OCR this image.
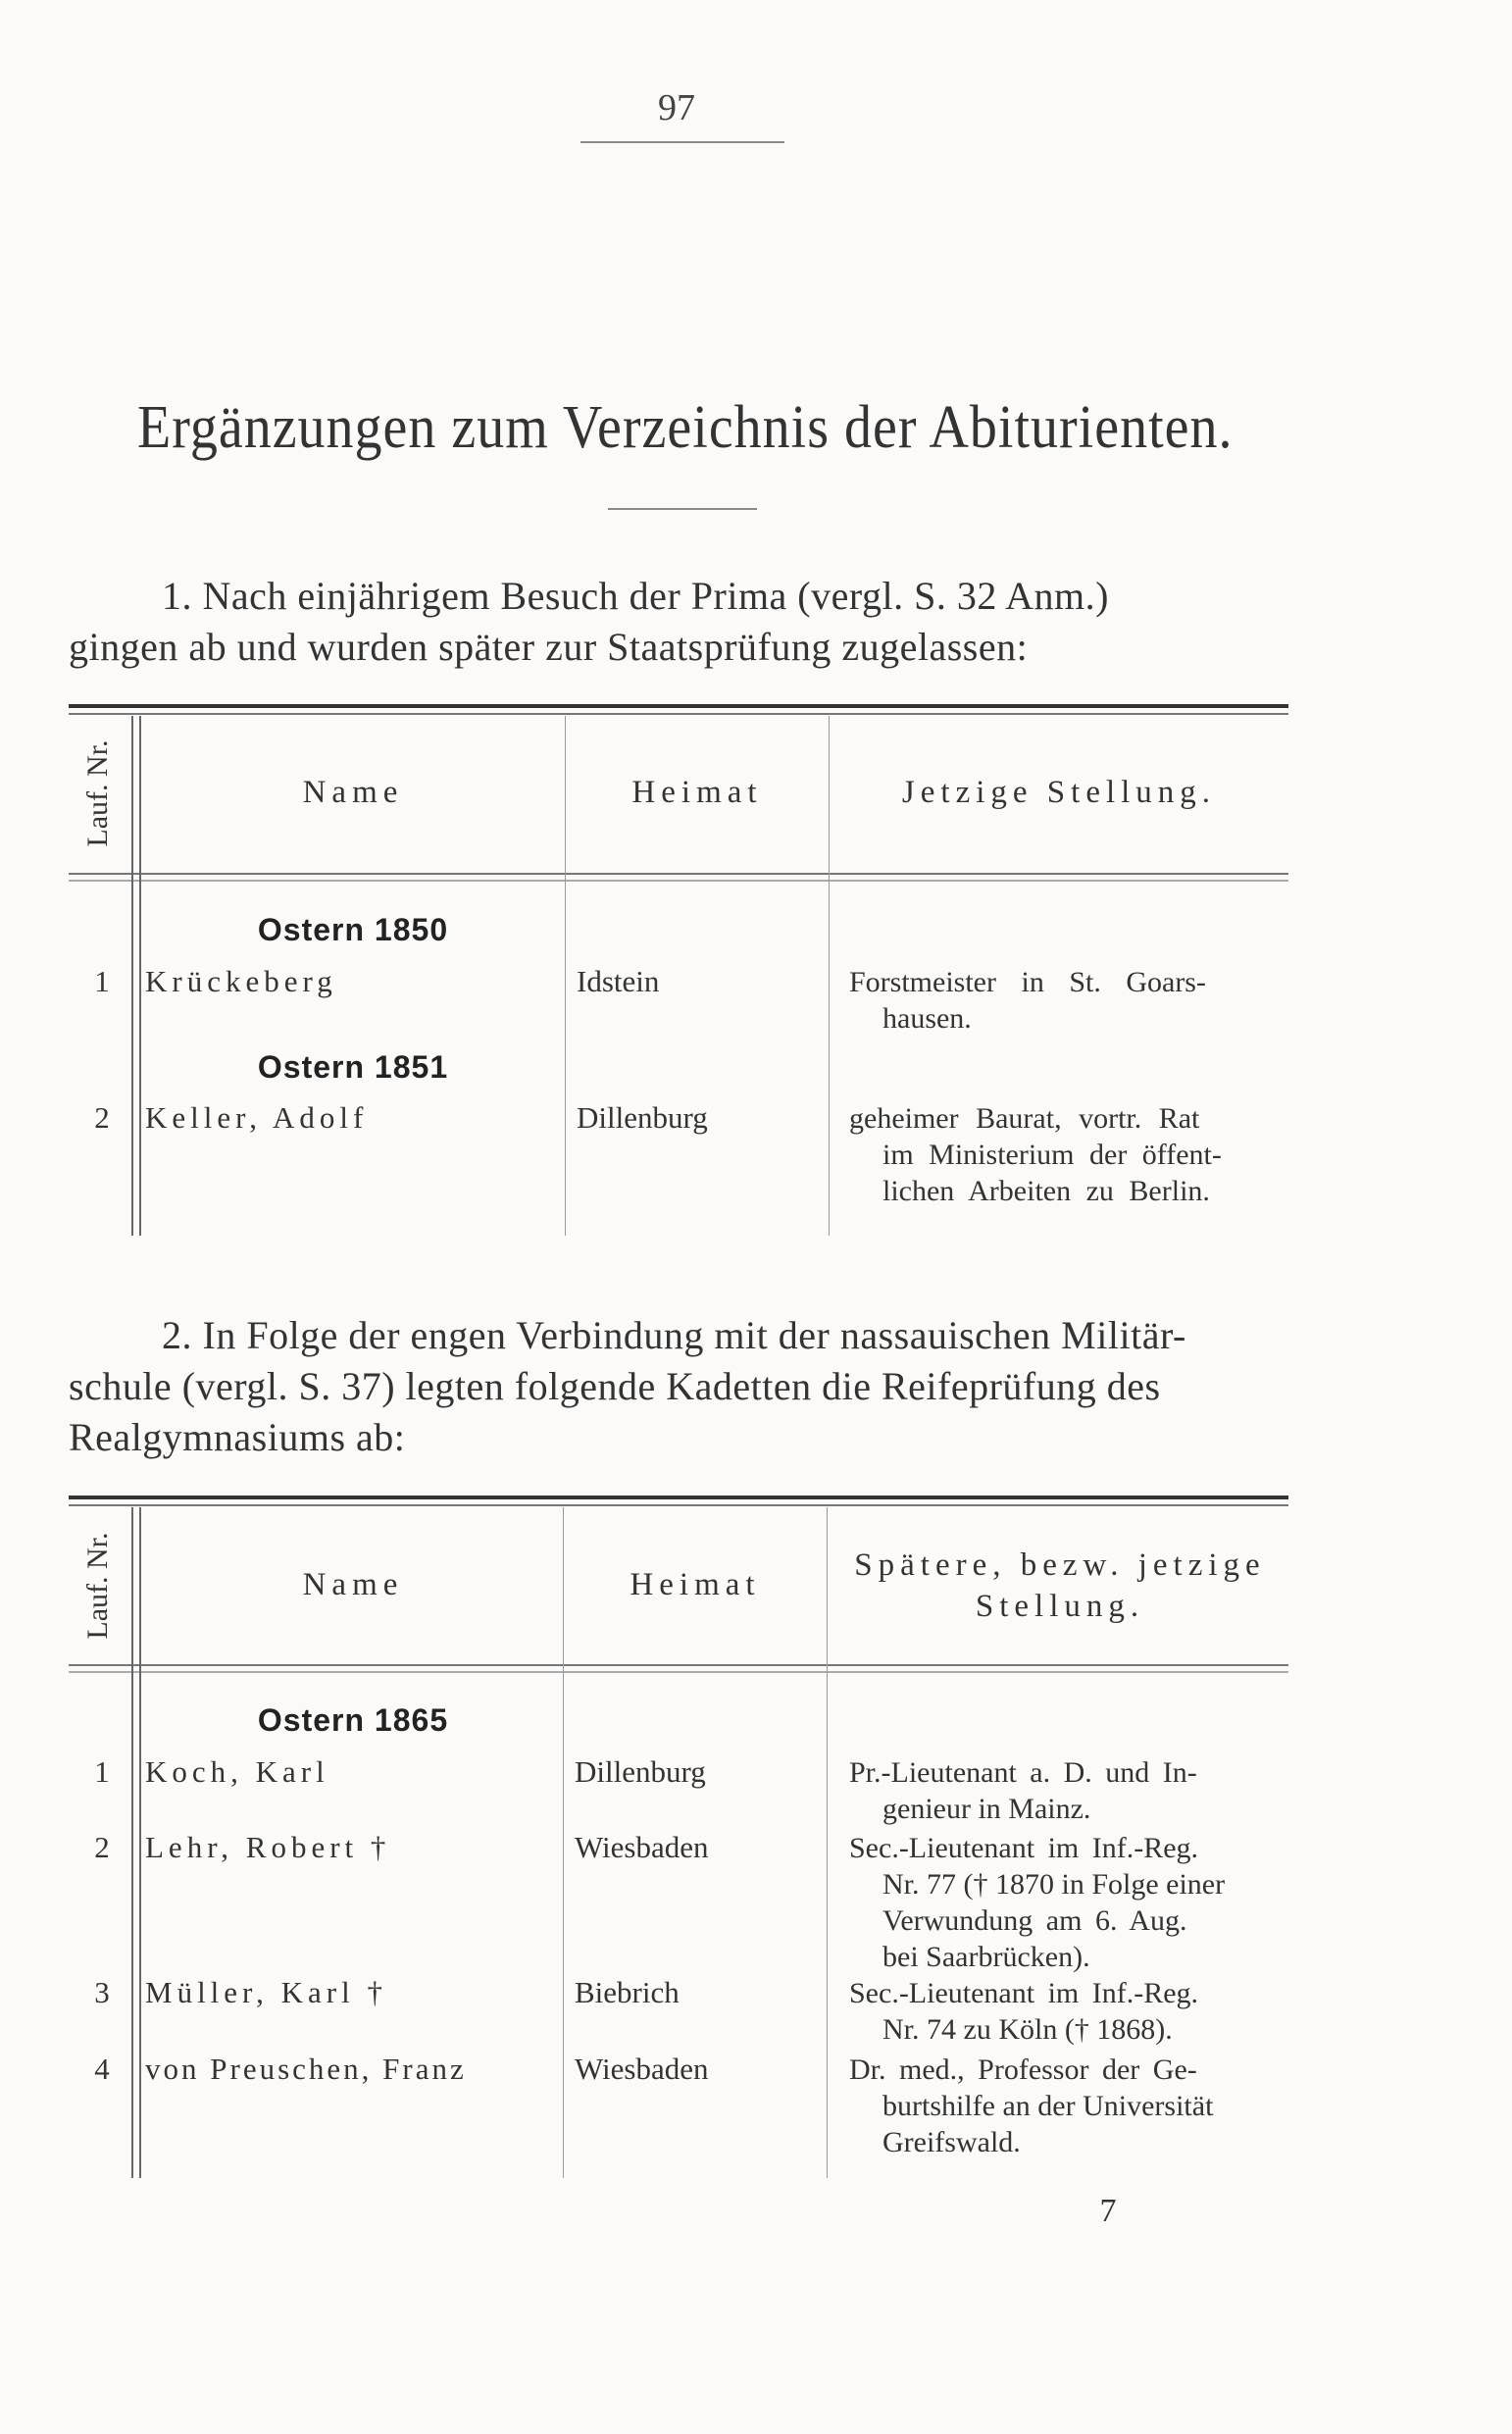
97
Ergänzungen zum Verzeichnis der Abiturienten.
1. Nach einjährigem Besuch der Prima (vergl. S. 32 Anm.)
gingen ab und wurden später zur Staatsprüfung zugelassen:
Lauf. Nr.	Name	Heimat	Jetzige Stellung.
Ostern 1850
1	Krückeberg	Idstein	Forstmeister in St. Goars-
hausen.
Ostern 1851
2	Keller, Adolf	Dillenburg	geheimer Baurat, vortr. Rat
im Ministerium der öffent-
lichen Arbeiten zu Berlin.
2. In Folge der engen Verbindung mit der nassauischen Militär-
schule (vergl. S. 37) legten folgende Kadetten die Reifeprüfung des
Realgymnasiums ab:
Lauf. Nr.	Name	Heimat
Spätere, bezw. jetzige
Stellung.
Ostern 1865
1	Koch, Karl	Dillenburg	Pr.-Lieutenant a. D. und In-
genieur in Mainz.
2	Lehr, Robert †	Wiesbaden	Sec.-Lieutenant im Inf.-Reg.
Nr. 77 († 1870 in Folge einer
Verwundung am 6. Aug.
bei Saarbrücken).
3	Müller, Karl †	Biebrich	Sec.-Lieutenant im Inf.-Reg.
Nr. 74 zu Köln († 1868).
4	von Preuschen, Franz	Wiesbaden	Dr. med., Professor der Ge-
burtshilfe an der Universität
Greifswald.
7
